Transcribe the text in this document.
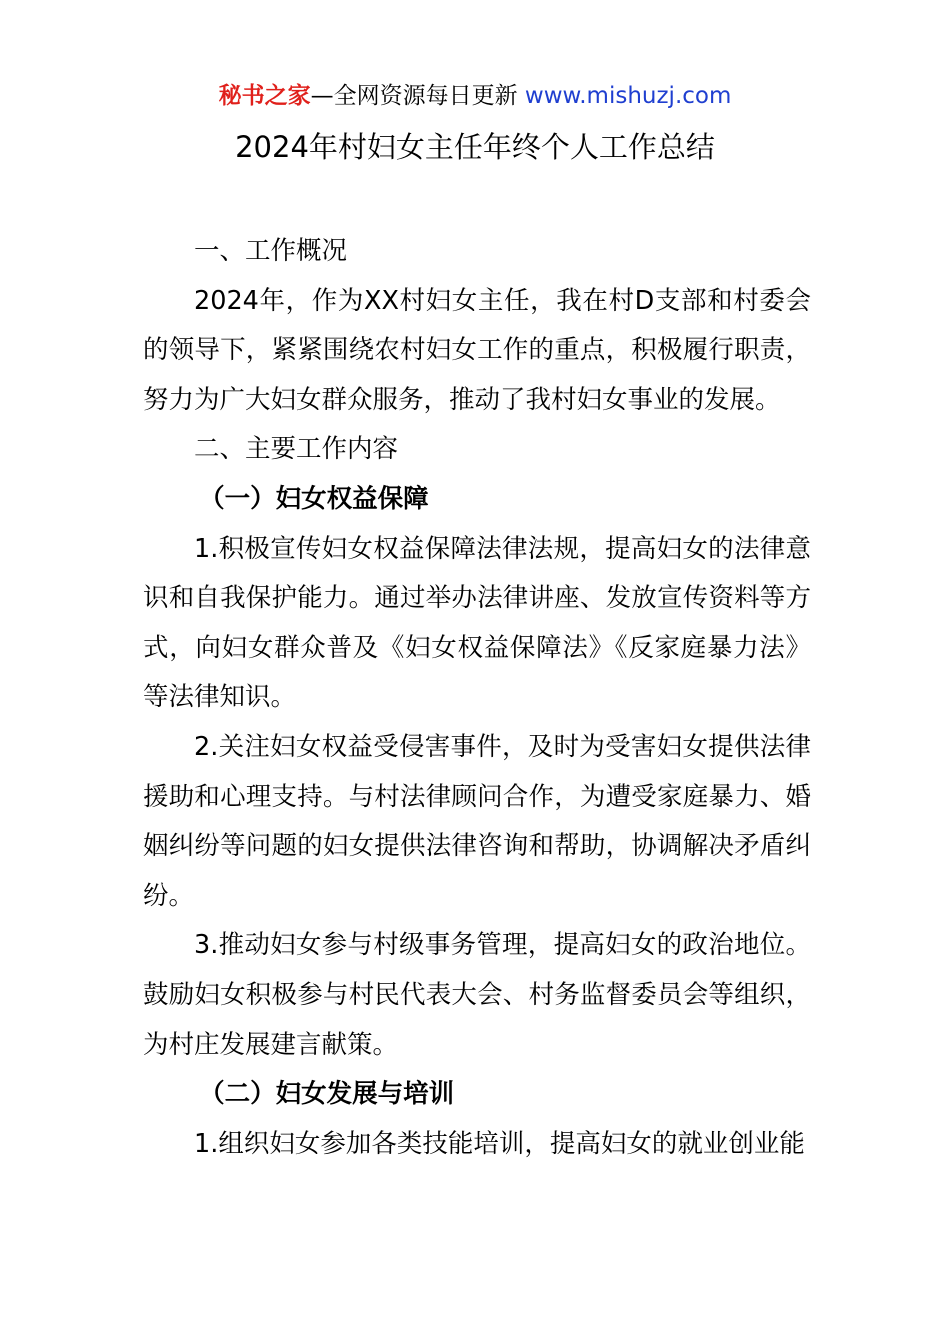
秘书之家—全网资源每日更新 www.mishuzj.com
2024年村妇女主任年终个人工作总结

一、工作概况

2024年，作为XX村妇女主任，我在村D支部和村委会的领导下，紧紧围绕农村妇女工作的重点，积极履行职责，努力为广大妇女群众服务，推动了我村妇女事业的发展。

二、主要工作内容

（一）妇女权益保障

1.积极宣传妇女权益保障法律法规，提高妇女的法律意识和自我保护能力。通过举办法律讲座、发放宣传资料等方式，向妇女群众普及《妇女权益保障法》《反家庭暴力法》等法律知识。

2.关注妇女权益受侵害事件，及时为受害妇女提供法律援助和心理支持。与村法律顾问合作，为遭受家庭暴力、婚姻纠纷等问题的妇女提供法律咨询和帮助，协调解决矛盾纠纷。

3.推动妇女参与村级事务管理，提高妇女的政治地位。鼓励妇女积极参与村民代表大会、村务监督委员会等组织，为村庄发展建言献策。

（二）妇女发展与培训

1.组织妇女参加各类技能培训，提高妇女的就业创业能
